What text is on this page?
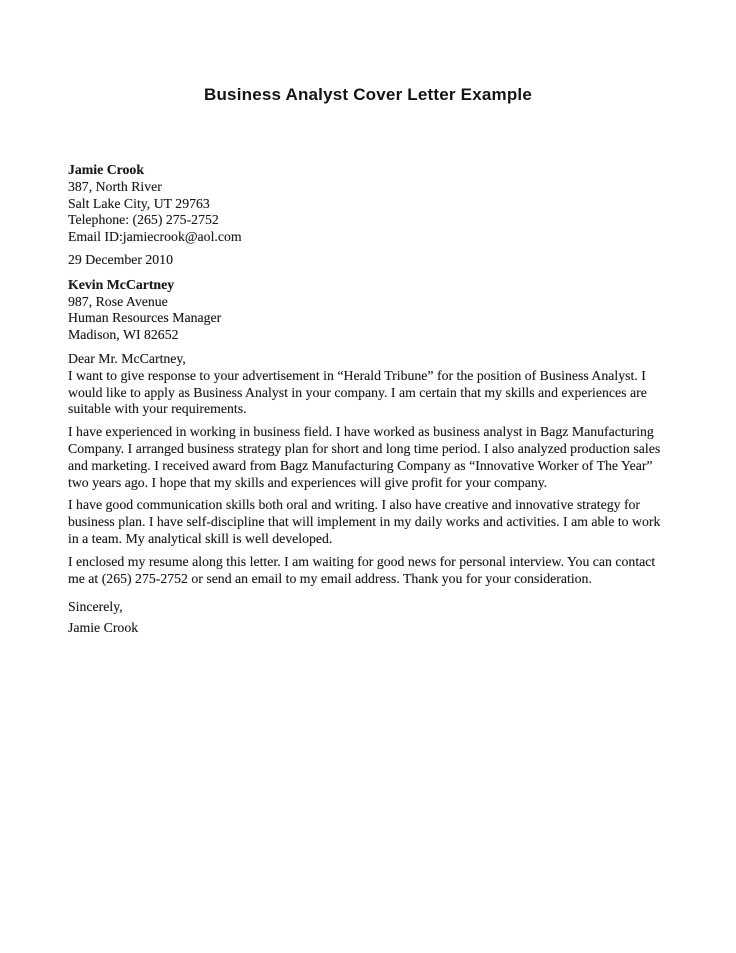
Business Analyst Cover Letter Example
Jamie Crook
387, North River
Salt Lake City, UT 29763
Telephone: (265) 275-2752
Email ID:jamiecrook@aol.com
29 December 2010
Kevin McCartney
987, Rose Avenue
Human Resources Manager
Madison, WI 82652
Dear Mr. McCartney,
I want to give response to your advertisement in “Herald Tribune” for the position of Business Analyst. I would like to apply as Business Analyst in your company. I am certain that my skills and experiences are suitable with your requirements.

I have experienced in working in business field. I have worked as business analyst in Bagz Manufacturing Company. I arranged business strategy plan for short and long time period. I also analyzed production sales and marketing. I received award from Bagz Manufacturing Company as “Innovative Worker of The Year” two years ago. I hope that my skills and experiences will give profit for your company.

I have good communication skills both oral and writing. I also have creative and innovative strategy for business plan. I have self-discipline that will implement in my daily works and activities. I am able to work in a team. My analytical skill is well developed.

I enclosed my resume along this letter. I am waiting for good news for personal interview. You can contact me at (265) 275-2752 or send an email to my email address. Thank you for your consideration.

Sincerely,
Jamie Crook
